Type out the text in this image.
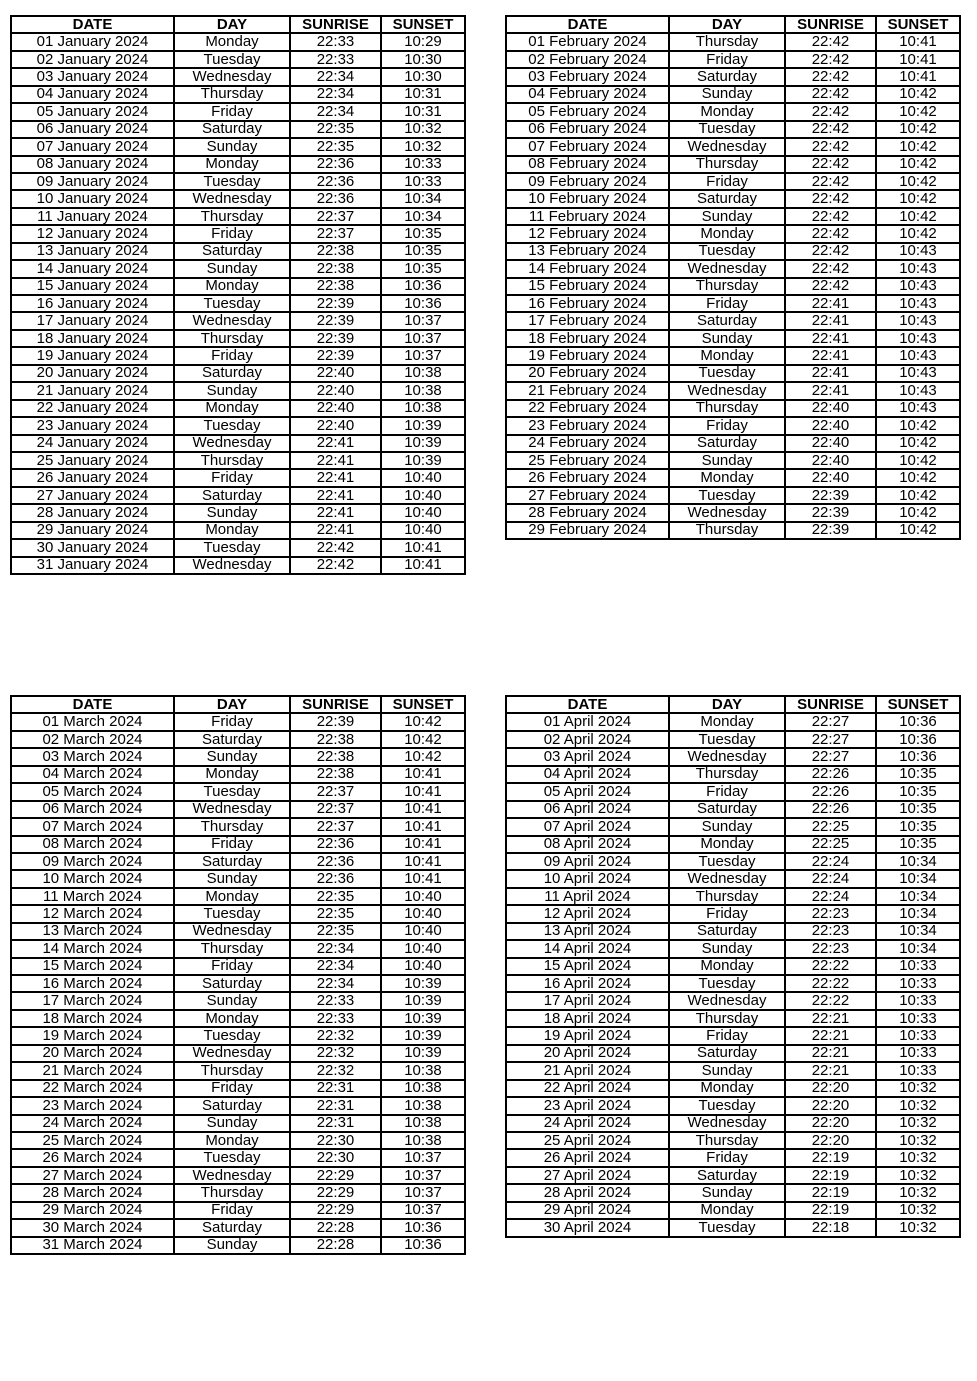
DATE	DAY	SUNRISE	SUNSET
01 January 2024	Monday	22:33	10:29
02 January 2024	Tuesday	22:33	10:30
03 January 2024	Wednesday	22:34	10:30
04 January 2024	Thursday	22:34	10:31
05 January 2024	Friday	22:34	10:31
06 January 2024	Saturday	22:35	10:32
07 January 2024	Sunday	22:35	10:32
08 January 2024	Monday	22:36	10:33
09 January 2024	Tuesday	22:36	10:33
10 January 2024	Wednesday	22:36	10:34
11 January 2024	Thursday	22:37	10:34
12 January 2024	Friday	22:37	10:35
13 January 2024	Saturday	22:38	10:35
14 January 2024	Sunday	22:38	10:35
15 January 2024	Monday	22:38	10:36
16 January 2024	Tuesday	22:39	10:36
17 January 2024	Wednesday	22:39	10:37
18 January 2024	Thursday	22:39	10:37
19 January 2024	Friday	22:39	10:37
20 January 2024	Saturday	22:40	10:38
21 January 2024	Sunday	22:40	10:38
22 January 2024	Monday	22:40	10:38
23 January 2024	Tuesday	22:40	10:39
24 January 2024	Wednesday	22:41	10:39
25 January 2024	Thursday	22:41	10:39
26 January 2024	Friday	22:41	10:40
27 January 2024	Saturday	22:41	10:40
28 January 2024	Sunday	22:41	10:40
29 January 2024	Monday	22:41	10:40
30 January 2024	Tuesday	22:42	10:41
31 January 2024	Wednesday	22:42	10:41
DATE	DAY	SUNRISE	SUNSET
01 February 2024	Thursday	22:42	10:41
02 February 2024	Friday	22:42	10:41
03 February 2024	Saturday	22:42	10:41
04 February 2024	Sunday	22:42	10:42
05 February 2024	Monday	22:42	10:42
06 February 2024	Tuesday	22:42	10:42
07 February 2024	Wednesday	22:42	10:42
08 February 2024	Thursday	22:42	10:42
09 February 2024	Friday	22:42	10:42
10 February 2024	Saturday	22:42	10:42
11 February 2024	Sunday	22:42	10:42
12 February 2024	Monday	22:42	10:42
13 February 2024	Tuesday	22:42	10:43
14 February 2024	Wednesday	22:42	10:43
15 February 2024	Thursday	22:42	10:43
16 February 2024	Friday	22:41	10:43
17 February 2024	Saturday	22:41	10:43
18 February 2024	Sunday	22:41	10:43
19 February 2024	Monday	22:41	10:43
20 February 2024	Tuesday	22:41	10:43
21 February 2024	Wednesday	22:41	10:43
22 February 2024	Thursday	22:40	10:43
23 February 2024	Friday	22:40	10:42
24 February 2024	Saturday	22:40	10:42
25 February 2024	Sunday	22:40	10:42
26 February 2024	Monday	22:40	10:42
27 February 2024	Tuesday	22:39	10:42
28 February 2024	Wednesday	22:39	10:42
29 February 2024	Thursday	22:39	10:42
DATE	DAY	SUNRISE	SUNSET
01 March 2024	Friday	22:39	10:42
02 March 2024	Saturday	22:38	10:42
03 March 2024	Sunday	22:38	10:42
04 March 2024	Monday	22:38	10:41
05 March 2024	Tuesday	22:37	10:41
06 March 2024	Wednesday	22:37	10:41
07 March 2024	Thursday	22:37	10:41
08 March 2024	Friday	22:36	10:41
09 March 2024	Saturday	22:36	10:41
10 March 2024	Sunday	22:36	10:41
11 March 2024	Monday	22:35	10:40
12 March 2024	Tuesday	22:35	10:40
13 March 2024	Wednesday	22:35	10:40
14 March 2024	Thursday	22:34	10:40
15 March 2024	Friday	22:34	10:40
16 March 2024	Saturday	22:34	10:39
17 March 2024	Sunday	22:33	10:39
18 March 2024	Monday	22:33	10:39
19 March 2024	Tuesday	22:32	10:39
20 March 2024	Wednesday	22:32	10:39
21 March 2024	Thursday	22:32	10:38
22 March 2024	Friday	22:31	10:38
23 March 2024	Saturday	22:31	10:38
24 March 2024	Sunday	22:31	10:38
25 March 2024	Monday	22:30	10:38
26 March 2024	Tuesday	22:30	10:37
27 March 2024	Wednesday	22:29	10:37
28 March 2024	Thursday	22:29	10:37
29 March 2024	Friday	22:29	10:37
30 March 2024	Saturday	22:28	10:36
31 March 2024	Sunday	22:28	10:36
DATE	DAY	SUNRISE	SUNSET
01 April 2024	Monday	22:27	10:36
02 April 2024	Tuesday	22:27	10:36
03 April 2024	Wednesday	22:27	10:36
04 April 2024	Thursday	22:26	10:35
05 April 2024	Friday	22:26	10:35
06 April 2024	Saturday	22:26	10:35
07 April 2024	Sunday	22:25	10:35
08 April 2024	Monday	22:25	10:35
09 April 2024	Tuesday	22:24	10:34
10 April 2024	Wednesday	22:24	10:34
11 April 2024	Thursday	22:24	10:34
12 April 2024	Friday	22:23	10:34
13 April 2024	Saturday	22:23	10:34
14 April 2024	Sunday	22:23	10:34
15 April 2024	Monday	22:22	10:33
16 April 2024	Tuesday	22:22	10:33
17 April 2024	Wednesday	22:22	10:33
18 April 2024	Thursday	22:21	10:33
19 April 2024	Friday	22:21	10:33
20 April 2024	Saturday	22:21	10:33
21 April 2024	Sunday	22:21	10:33
22 April 2024	Monday	22:20	10:32
23 April 2024	Tuesday	22:20	10:32
24 April 2024	Wednesday	22:20	10:32
25 April 2024	Thursday	22:20	10:32
26 April 2024	Friday	22:19	10:32
27 April 2024	Saturday	22:19	10:32
28 April 2024	Sunday	22:19	10:32
29 April 2024	Monday	22:19	10:32
30 April 2024	Tuesday	22:18	10:32
